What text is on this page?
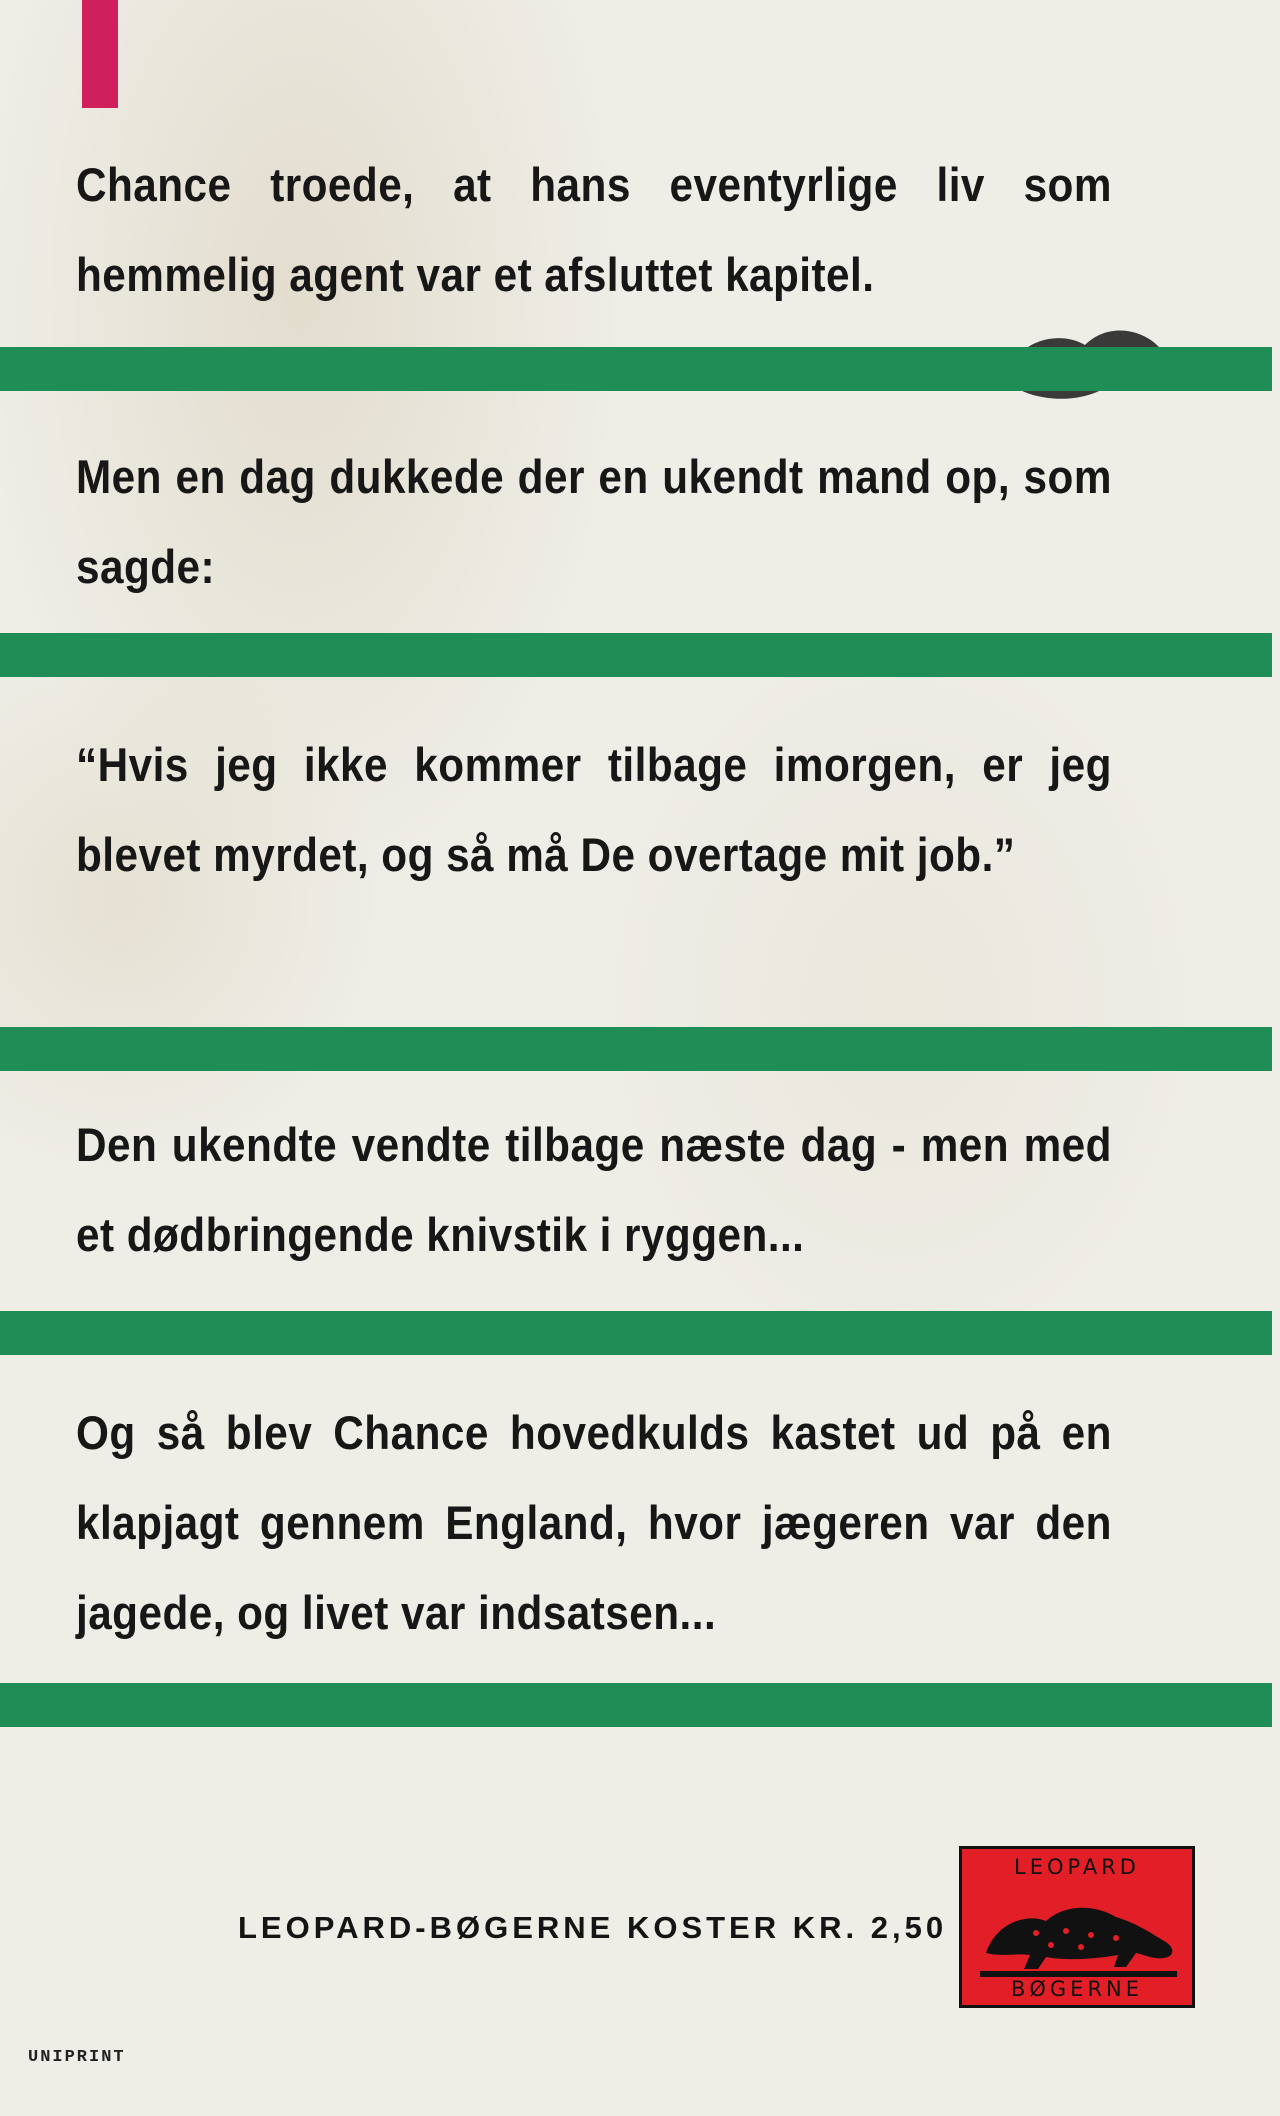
Chance troede, at hans eventyrlige liv som hemmelig agent var et afsluttet kapitel.

Men en dag dukkede der en ukendt mand op, som sagde:

“Hvis jeg ikke kommer tilbage imorgen, er jeg blevet myrdet, og så må De overtage mit job.”

Den ukendte vendte tilbage næste dag - men med et dødbringende knivstik i ryggen...

Og så blev Chance hovedkulds kastet ud på en klapjagt gennem England, hvor jægeren var den jagede, og livet var indsatsen...

LEOPARD-BØGERNE KOSTER KR. 2,50

LEOPARD

BØGERNE

UNIPRINT
